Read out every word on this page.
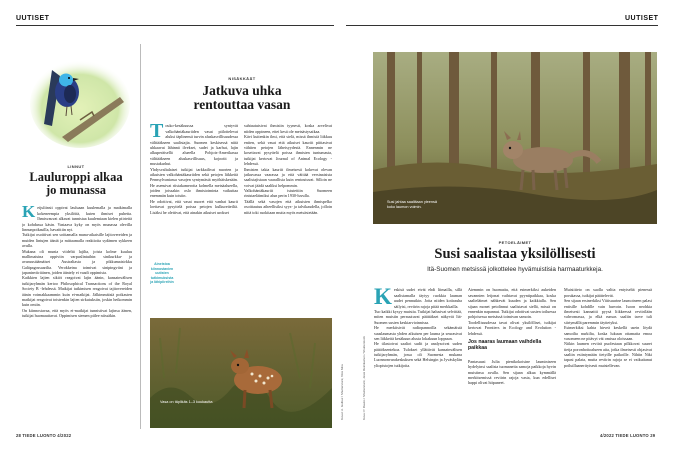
UUTISET
LINNUT
Lauluroppi alkaa
jo munassa

Keijuliinsit oppivat lauluaan kuulemalla ja matkimalla kokeneempia yksilöitä, kuten ihmiset puhetta. Ihmisvauvat alkavat tunnistaa kuulemiaan kielen piirteitä jo kohdussa käsin. Vastaava kyky on myös munassa olevilla linnunpoikasilla, havaittiin nyt.
Tutkijat osoittivat sen soittamalla muna-aikaisille lajitovereiden ja muiden lintujen ääniä ja mittaamalla reaktioita sydämen sykkeen avulla.
Mukana oli munia viideltä lajilta, joista kolme kuuluu mallimaisina oppiviin varpuslintuihin: sinikurkku- ja avaruustäämäiset Australiasta ja pikkumaisirkku Galápagossaarilta. Verokkeina toimivat sinipingviini ja japaninviiriäinen, joiden ääntely ei vaadi oppimista.
Kaikkien lajien sikiöt reagoivat lajin äänin, kansainvälisen tutkijaryhmän kertoo Philosophical Transactions of the Royal Society B -lehdessä. Matkijat tutkimisen reagoivat tajitovereiden äänin voimakkaammin kuin ei-matkijat. Jälkimmäisiä poikasten matkijat reagoivat toistenkin lajien sirkutuksiin, joskin heikommin kuin omiin.
On kiinnostavaa, että myös ei-matkijat tunnistivat lajinsa äänen, tutkijat huomauttavat. Oppimisen siemen piilee niissäkin.

NISÄKKÄÄT
Jatkuva uhka
rentouttaa vasan

Touko-kesäkuussa syntyvät valkohäntäkauriiden vasat piilottelevat aluksi täplinensä turvin aluskasvillisuudessa välttääkseen saalistajia. Suomen keskisessä niitä uhkaavat lähinnä ilvekset, sudet ja karhut, lajin alkuperäisellä alueella Pohjois-Amerikassa välttääkseen aluskasvillisuus, kojootit ja mustakarhut.
Yhdysvaltalaiset tutkijat tarkkailivat nuorten ja aikuisten valkohäntäkauriiden sekä petojen liikkeitä Pennsylvaniassa vasojen syntymästä myöhäiskesään. He asensivat riistakameroita kolmella metsäalueella, joiden joissakin oslo ihmistoiminta vaikuttaa enemmän kuin toisiin.
He odottivat, että vasat nuoret että vanhat kaurit loettavat pysyttelä poissa petojen kulkureiteiltä. Lisäksi he olettivat, että ainakin aikuiset urokset

suhtautuisivat ihmisiin tyynesti, koska arvelivat niiden oppineen, ettei kesä ole metsästysaikaa.
Kävi kuitenkin ilmi, että sielä, missä ihmisiä liikkuu eniten, sekä vasat että aikuiset kauriit piittasivat vähiten petojen läheisyydestä. Ennenmin ne kosettavat pysyttelä poissa ihmisten tuntumasta, tutkijat kertovat Journal of Animal Ecology -lehdessä.
Ihmisten takia kauriit ilmeisesti kokevat olevan jatkuvassa vaarassa ja että väittää versinaisista saalistajistaan vaarallisia kuin rentoutuvat. Silloin ne voivat jäädä saaliksi helpommin.
Valkohäntäkauriit istutettiin Suomeen rinistaeläimiksi alun perin 1930-luvulla.
Täällä sekä vasojen että aikuisten ihmispelko osoittautuu aiheellisiksi syys- ja talvikaudella, jolloin niitä toki ruokitaan mutta myös metsästetään.

Aineistoa kiinnostavien uutisten tutkimuksista ja lähipiireihin
Vasa on täplikäs 1–3 kuukautta	Kuvat: A. Gulbaz / Shutterstock, Nice Mira
28 TIEDE LUONTO 4/2022
UUTISET
Susi jahtaa saaliitaan yleensä koko laumon voimin.
Kuva: P. Rautio / Shutterstock, Jessi Reinikainen / Shutterstock
PETOELÄIMET
Susi saalistaa yksilöllisesti
Itä-Suomen metsissä jolkottelee hyvämuistisia harmaaturkkeja.

Keskisä sudet eivät ehdi liimailla, sillä saalistamalla täytyy ruokkia lauman uudet pennutkin. Jotta niiden kotirauha säilyisi, reviirin rajoja pitää merkkailla.
Tuo kaikki kysyy muistia. Tutkijat halusivat selvittää, miten muistin persuutuvat päättäkset näkyvät Itä-Suomen susien keskiarvioinnissa.
He merkitsivät radiopannoilla sekämäistä suuslaumasta yhden aikuisen per lauma ja seurasivat sen liikkeitä kesäkuun alusta lokakuun loppuun.
He tilastoivat saaliot sudit ja analysoivat suden päätöksentekoa. Tulokset yllättivät kansainvälisen tutkijaryhmän, jossa oli Suomesta mukana Luonnonvarakeskuksen sekä Helsingin ja Jyväskylän yliopistojen tutkijoita.

Aiemmin on huomattu, että esimerkiksi aukeiden savannien leijonat vaihtavat pyyntipaikkaa, koska saalieläimet nähkevät kuuden ja kaikkialla. Sen sijaan monet petolinnut saalistavat siellä, missä on ennenkin napannut. Tutkijat odottivat susien toiluessa pohjoisessa metsässä toimivan samoin.
Toodellisuudessa tavat olivat yksilölliset, tutkijat kertovat Frontiers in Ecology and Evolution -lehdessä.

Jos naaras laumaan vaihdella paikkaa

Pantasuusi Julia pienikokoisine lauminiseen hydelyinsi saalista tuomaneita samoja paikkoja hyvin muistinsa avulla. Sen sijaan alkua kymmällä merkitsemissä reviirin rajoja vasta, kun edelliset happi olivat hiipuneet.

Muistitieto on suolla valtta entyiseltä pienessä porukassa, tutkijat päättelevät.
Sen sijaan ersinerkiksi Viitisuurine laumoineen palasi entisille kohdille vain harvoin. Isoon neohkia ilmeisesti kannattti pyysä liikkeessä reviirilään vahvomassa, ja elkä runsas saaliin tarve tuli siirtymällä paremmin täyttetyksi.
Esimerkiksi kahta hirveä keskellä usein löydä samoilta nurkilta, koska lukuun ottamatta emoa vasomeen ne pitävyt vät omissa oloissaan.
Niikin laumen reviirä puolestaan pilkkovat suuret tietja poronhoitoalueen aita, jotka ilmeisesti ohjasivat saaliin esiintymään tietyille paikoille. Nihiin Niki tapasi palata, mutta reviirin rajoja se ei vaikuttanut poiluillaanerityisesti muistellevan.

4/2022 TIEDE LUONTO 29
